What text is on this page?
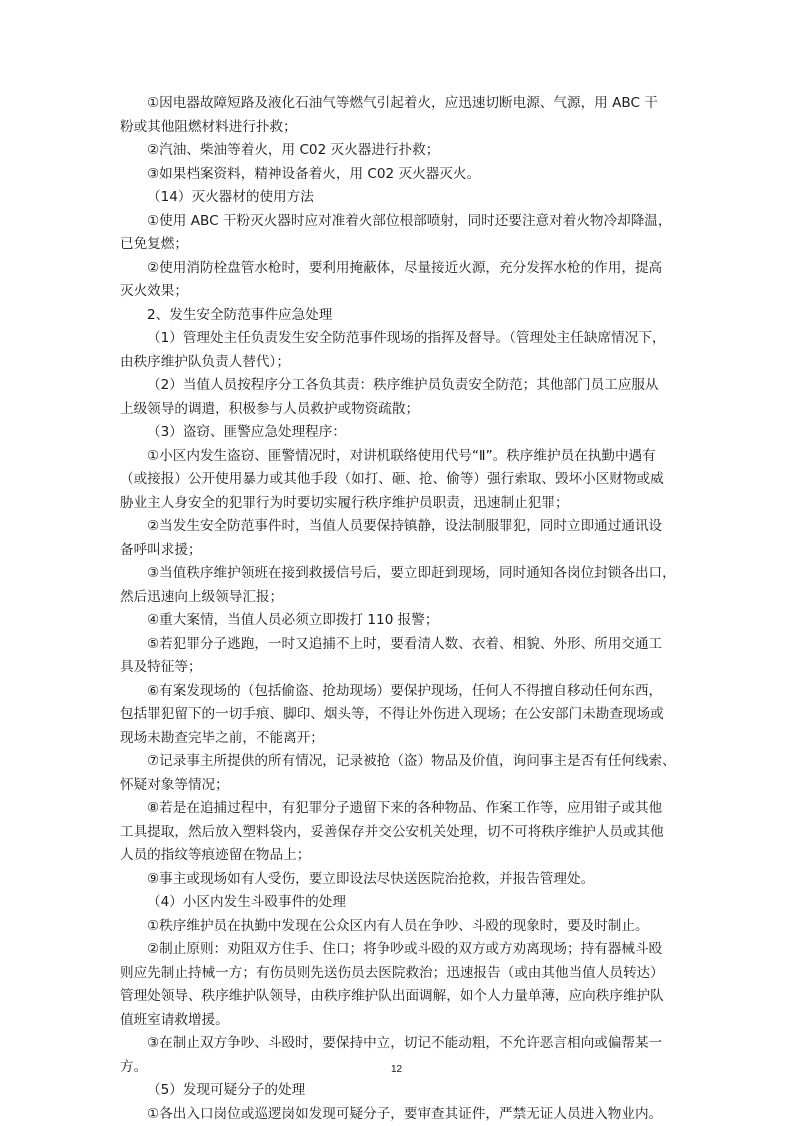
①因电器故障短路及液化石油气等燃气引起着火，应迅速切断电源、气源，用 ABC 干
粉或其他阻燃材料进行扑救；
②汽油、柴油等着火，用 C02 灭火器进行扑救；
③如果档案资料，精神设备着火，用 C02 灭火器灭火。
（14）灭火器材的使用方法
①使用 ABC 干粉灭火器时应对准着火部位根部喷射，同时还要注意对着火物冷却降温，
已免复燃；
②使用消防栓盘管水枪时，要利用掩蔽体，尽量接近火源，充分发挥水枪的作用，提高
灭火效果；
2、发生安全防范事件应急处理
（1）管理处主任负责发生安全防范事件现场的指挥及督导。（管理处主任缺席情况下，
由秩序维护队负责人替代）；
（2）当值人员按程序分工各负其责：秩序维护员负责安全防范；其他部门员工应服从
上级领导的调遣，积极参与人员救护或物资疏散；
（3）盗窃、匪警应急处理程序：
①小区内发生盗窃、匪警情况时，对讲机联络使用代号“Ⅱ”。秩序维护员在执勤中遇有
（或接报）公开使用暴力或其他手段（如打、砸、抢、偷等）强行索取、毁坏小区财物或威
胁业主人身安全的犯罪行为时要切实履行秩序维护员职责，迅速制止犯罪；
②当发生安全防范事件时，当值人员要保持镇静，设法制服罪犯，同时立即通过通讯设
备呼叫求援；
③当值秩序维护领班在接到救援信号后，要立即赶到现场，同时通知各岗位封锁各出口，
然后迅速向上级领导汇报；
④重大案情，当值人员必须立即拨打 110 报警；
⑤若犯罪分子逃跑，一时又追捕不上时，要看清人数、衣着、相貌、外形、所用交通工
具及特征等；
⑥有案发现场的（包括偷盗、抢劫现场）要保护现场，任何人不得擅自移动任何东西，
包括罪犯留下的一切手痕、脚印、烟头等，不得让外伤进入现场；在公安部门未勘查现场或
现场未勘查完毕之前，不能离开；
⑦记录事主所提供的所有情况，记录被抢（盗）物品及价值，询问事主是否有任何线索、
怀疑对象等情况；
⑧若是在追捕过程中，有犯罪分子遗留下来的各种物品、作案工作等，应用钳子或其他
工具提取，然后放入塑料袋内，妥善保存并交公安机关处理，切不可将秩序维护人员或其他
人员的指纹等痕迹留在物品上；
⑨事主或现场如有人受伤，要立即设法尽快送医院治抢救，并报告管理处。
（4）小区内发生斗殴事件的处理
①秩序维护员在执勤中发现在公众区内有人员在争吵、斗殴的现象时，要及时制止。
②制止原则：劝阻双方住手、住口；将争吵或斗殴的双方或方劝离现场；持有器械斗殴
则应先制止持械一方；有伤员则先送伤员去医院救治；迅速报告（或由其他当值人员转达）
管理处领导、秩序维护队领导，由秩序维护队出面调解，如个人力量单薄，应向秩序维护队
值班室请救增援。
③在制止双方争吵、斗殴时，要保持中立，切记不能动粗，不允许恶言相向或偏帮某一
方。
（5）发现可疑分子的处理
①各出入口岗位或巡逻岗如发现可疑分子，要审查其证件，严禁无证人员进入物业内。
12
